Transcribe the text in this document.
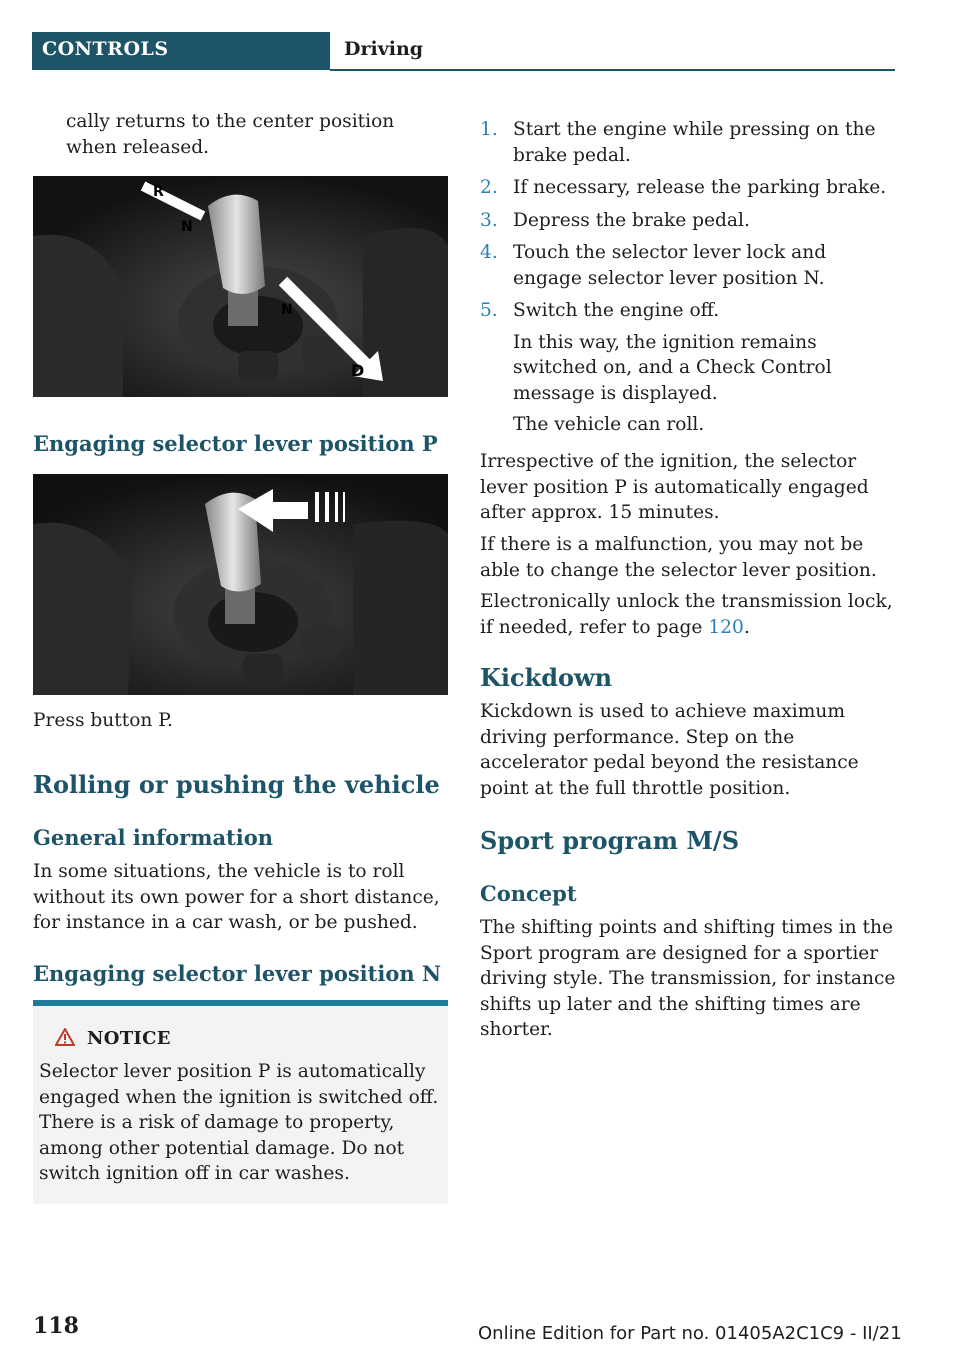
CONTROLS	Driving

cally returns to the center position when released.

R
N
N
D
Engaging selector lever position P

Press button P.

Rolling or pushing the vehicle
General information

In some situations, the vehicle is to roll without its own power for a short distance, for instance in a car wash, or be pushed.

Engaging selector lever position N
NOTICE

Selector lever position P is automatically engaged when the ignition is switched off. There is a risk of damage to property, among other potential damage. Do not switch ignition off in car washes.

1. Start the engine while pressing on the brake pedal.
2. If necessary, release the parking brake.
3. Depress the brake pedal.
4. Touch the selector lever lock and engage selector lever position N.
5. Switch the engine off.
In this way, the ignition remains switched on, and a Check Control message is displayed.
The vehicle can roll.

Irrespective of the ignition, the selector lever position P is automatically engaged after approx. 15 minutes.

If there is a malfunction, you may not be able to change the selector lever position.

Electronically unlock the transmission lock, if needed, refer to page 120.

Kickdown

Kickdown is used to achieve maximum driving performance. Step on the accelerator pedal beyond the resistance point at the full throttle position.

Sport program M/S
Concept

The shifting points and shifting times in the Sport program are designed for a sportier driving style. The transmission, for instance shifts up later and the shifting times are shorter.

118	Online Edition for Part no. 01405A2C1C9 - II/21
